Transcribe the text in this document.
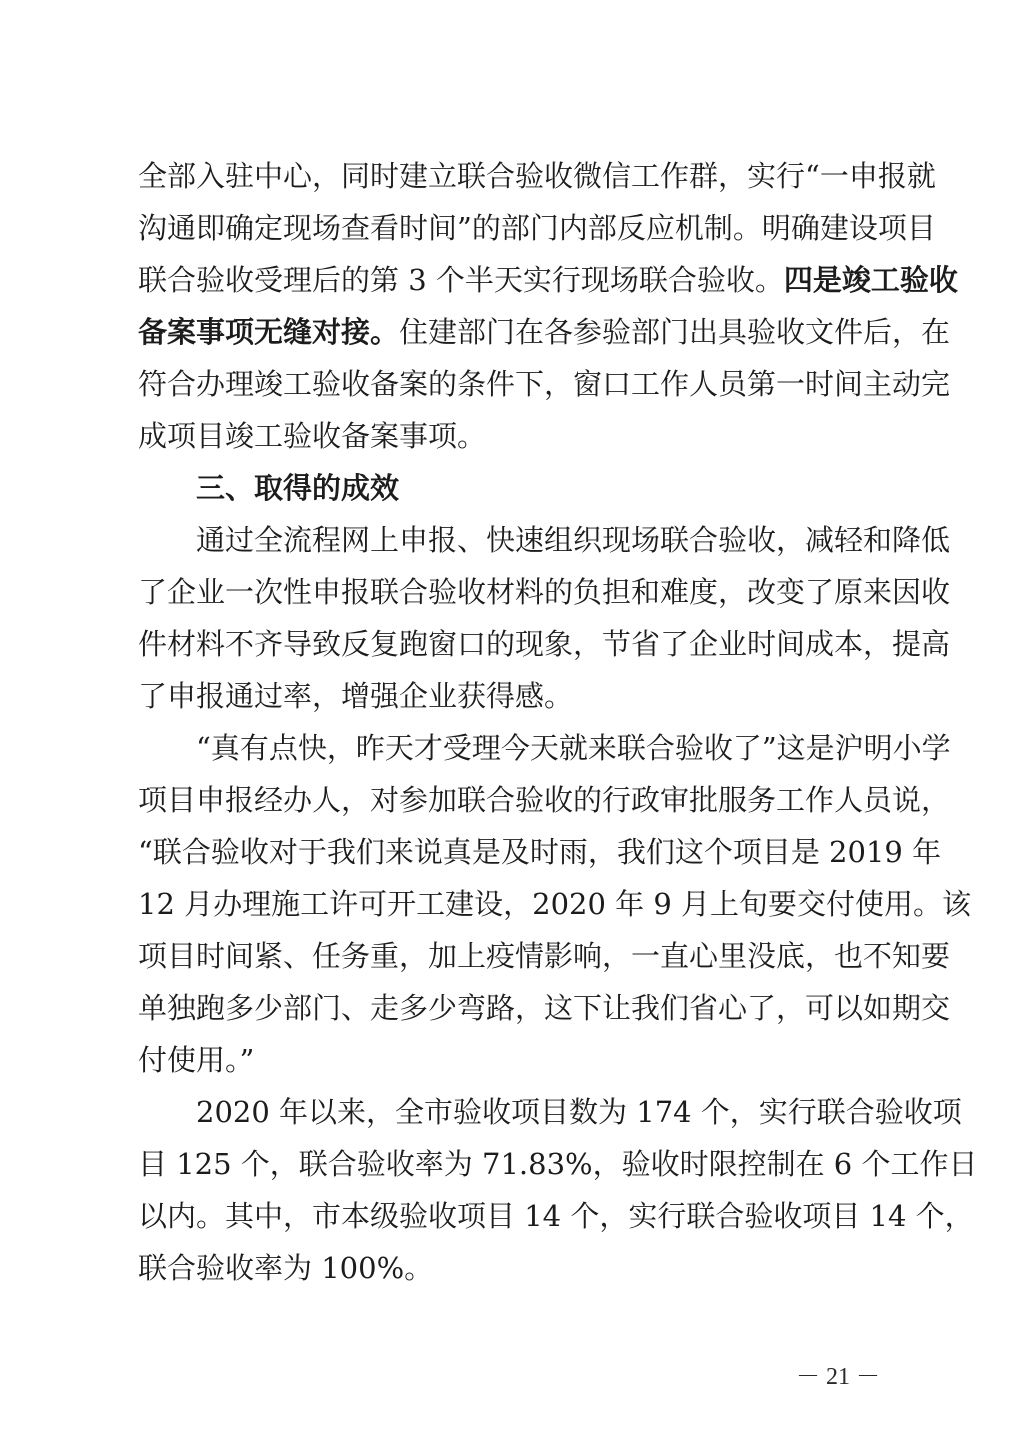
全部入驻中心，同时建立联合验收微信工作群，实行“一申报就
沟通即确定现场查看时间”的部门内部反应机制。明确建设项目
联合验收受理后的第 3 个半天实行现场联合验收。四是竣工验收
备案事项无缝对接。住建部门在各参验部门出具验收文件后，在
符合办理竣工验收备案的条件下，窗口工作人员第一时间主动完
成项目竣工验收备案事项。
三、取得的成效
通过全流程网上申报、快速组织现场联合验收，减轻和降低
了企业一次性申报联合验收材料的负担和难度，改变了原来因收
件材料不齐导致反复跑窗口的现象，节省了企业时间成本，提高
了申报通过率，增强企业获得感。
“真有点快，昨天才受理今天就来联合验收了”这是沪明小学
项目申报经办人，对参加联合验收的行政审批服务工作人员说，
“联合验收对于我们来说真是及时雨，我们这个项目是 2019 年
12 月办理施工许可开工建设，2020 年 9 月上旬要交付使用。该
项目时间紧、任务重，加上疫情影响，一直心里没底，也不知要
单独跑多少部门、走多少弯路，这下让我们省心了，可以如期交
付使用。”
2020 年以来，全市验收项目数为 174 个，实行联合验收项
目 125 个，联合验收率为 71.83%，验收时限控制在 6 个工作日
以内。其中，市本级验收项目 14 个，实行联合验收项目 14 个，
联合验收率为 100%。
－ 21 －
